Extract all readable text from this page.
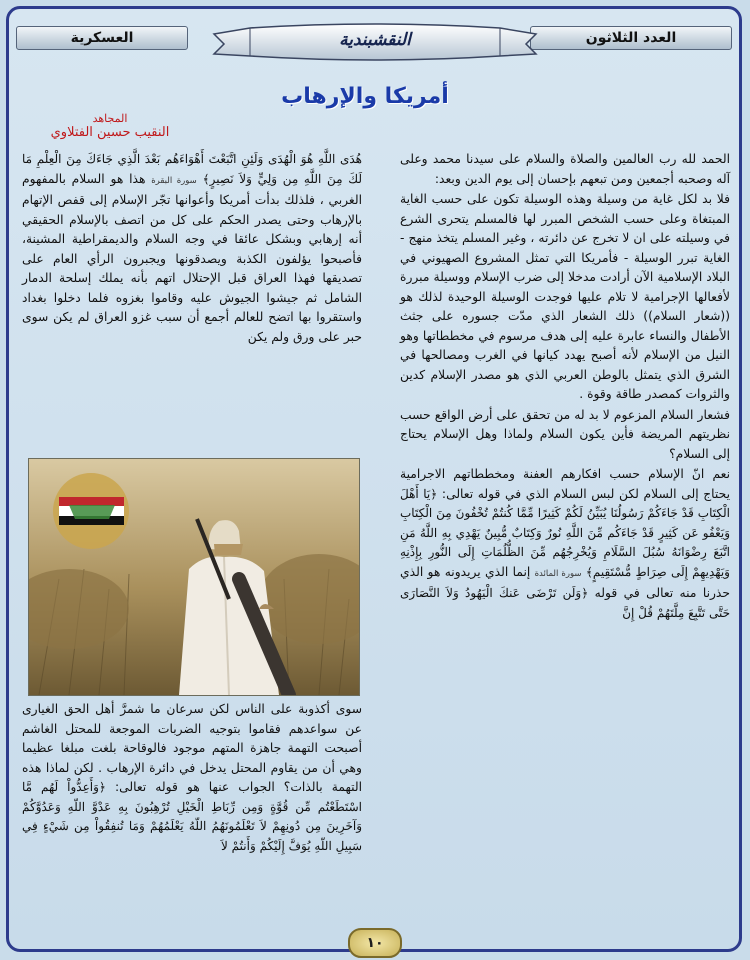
العدد الثلاثون
النقشبندية
العسكرية
أمريكا والإرهاب
المجاهد
النقيب حسين الفتلاوي

الحمد لله رب العالمين والصلاة والسلام على سيدنا محمد وعلى آله وصحبه أجمعين ومن تبعهم بإحسان إلى يوم الدين وبعد:

فلا بد لكل غاية من وسيلة وهذه الوسيلة تكون على حسب الغاية المبتغاة وعلى حسب الشخص المبرر لها فالمسلم يتحرى الشرع في وسيلته على ان لا تخرج عن دائرته ، وغير المسلم يتخذ منهج - الغاية تبرر الوسيلة - فأمريكا التي تمثل المشروع الصهيوني في البلاد الإسلامية الآن أرادت مدخلا إلى ضرب الإسلام ووسيلة مبررة لأفعالها الإجرامية لا تلام عليها فوجدت الوسيلة الوحيدة لذلك هو ((شعار السلام)) ذلك الشعار الذي مدّت جسوره على جثث الأطفال والنساء عابرة عليه إلى هدف مرسوم في مخططاتها وهو النيل من الإسلام لأنه أصبح يهدد كيانها في الغرب ومصالحها في الشرق الذي يتمثل بالوطن العربي الذي هو مصدر الإسلام كدين والثروات كمصدر طاقة وقوة .

فشعار السلام المزعوم لا بد له من تحقق على أرض الواقع حسب نظريتهم المريضة فأين يكون السلام ولماذا وهل الإسلام يحتاج إلى السلام؟

نعم انّ الإسلام حسب افكارهم العفنة ومخططاتهم الاجرامية يحتاج إلى السلام لكن لبس السلام الذي في قوله تعالى: ﴿يَا أَهْلَ الْكِتَابِ قَدْ جَاءَكُمْ رَسُولُنَا يُبَيِّنُ لَكُمْ كَثِيرًا مِّمَّا كُنتُمْ تُخْفُونَ مِنَ الْكِتَابِ وَيَعْفُو عَن كَثِيرٍ قَدْ جَاءَكُم مِّنَ اللَّهِ نُورٌ وَكِتَابٌ مُّبِينٌ يَهْدِي بِهِ اللَّهُ مَنِ اتَّبَعَ رِضْوَانَهُ سُبُلَ السَّلَامِ وَيُخْرِجُهُم مِّنَ الظُّلُمَاتِ إِلَى النُّورِ بِإِذْنِهِ وَيَهْدِيهِمْ إِلَى صِرَاطٍ مُّسْتَقِيمٍ﴾ سورة المائدة إنما الذي يريدونه هو الذي حذرنا منه تعالى في قوله ﴿وَلَن تَرْضَى عَنكَ الْيَهُودُ وَلاَ النَّصَارَى حَتَّى تَتَّبِعَ مِلَّتَهُمْ قُلْ إِنَّ

هُدَى اللَّهِ هُوَ الْهُدَى وَلَئِنِ اتَّبَعْتَ أَهْوَاءَهُم بَعْدَ الَّذِي جَاءَكَ مِنَ الْعِلْمِ مَا لَكَ مِنَ اللَّهِ مِن وَلِيٍّ وَلاَ نَصِيرٍ﴾ سورة البقرة هذا هو السلام بالمفهوم الغربي ، فلذلك بدأت أمريكا وأعوانها تجّر الإسلام إلى قفص الإتهام بالإرهاب وحتى يصدر الحكم على كل من اتصف بالإسلام الحقيقي أنه إرهابي وبشكل عائقا في وجه السلام والديمقراطية المشينة، فأصبحوا يؤلفون الكذبة ويصدقونها ويجبرون الرأي العام على تصديقها فهذا العراق قبل الإحتلال اتهم بأنه يملك إسلحة الدمار الشامل ثم جيشوا الجيوش عليه وقاموا بغزوه فلما دخلوا بغداد واستقروا بها اتضح للعالم أجمع أن سبب غزو العراق لم يكن سوى حبر على ورق ولم يكن

سوى أكذوبة على الناس لكن سرعان ما شمرَّ أهل الحق الغيارى عن سواعدهم فقاموا بتوجيه الضربات الموجعة للمحتل الغاشم أصبحت التهمة جاهزة المتهم موجود فالوقاحة بلغت مبلغا عظيما وهي أن من يقاوم المحتل يدخل في دائرة الإرهاب . لكن لماذا هذه التهمة بالذات؟ الجواب عنها هو قوله تعالى: ﴿وَأَعِدُّواْ لَهُم مَّا اسْتَطَعْتُم مِّن قُوَّةٍ وَمِن رِّبَاطِ الْخَيْلِ تُرْهِبُونَ بِهِ عَدْوَّ اللّهِ وَعَدُوَّكُمْ وَآخَرِينَ مِن دُونِهِمْ لاَ تَعْلَمُونَهُمُ اللّهُ يَعْلَمُهُمْ وَمَا تُنفِقُواْ مِن شَيْءٍ فِي سَبِيلِ اللّهِ يُوَفَّ إِلَيْكُمْ وَأَنتُمْ لاَ

١٠
